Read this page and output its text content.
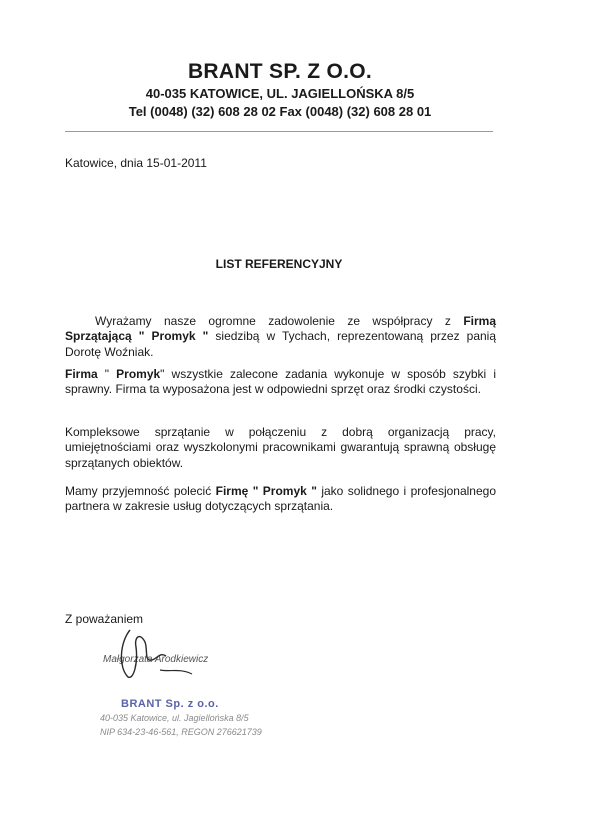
BRANT SP. Z O.O.
40-035 KATOWICE, UL. JAGIELLOŃSKA 8/5
Tel (0048) (32) 608 28 02 Fax (0048) (32) 608 28 01
Katowice, dnia 15-01-2011
LIST REFERENCYJNY
Wyrażamy nasze ogromne zadowolenie ze współpracy z Firmą Sprzątającą " Promyk " siedzibą w Tychach, reprezentowaną przez panią Dorotę Woźniak.
Firma " Promyk" wszystkie zalecone zadania wykonuje w sposób szybki i sprawny. Firma ta wyposażona jest w odpowiedni sprzęt oraz środki czystości.
Kompleksowe sprzątanie w połączeniu z dobrą organizacją pracy, umiejętnościami oraz wyszkolonymi pracownikami gwarantują sprawną obsługę sprzątanych obiektów.
Mamy przyjemność polecić Firmę " Promyk " jako solidnego i profesjonalnego partnera w zakresie usług dotyczących sprzątania.
Z poważaniem
Małgorzata Arodkiewicz
BRANT Sp. z o.o.
40-035 Katowice, ul. Jagiellońska 8/5
NIP 634-23-46-561, REGON 276621739
